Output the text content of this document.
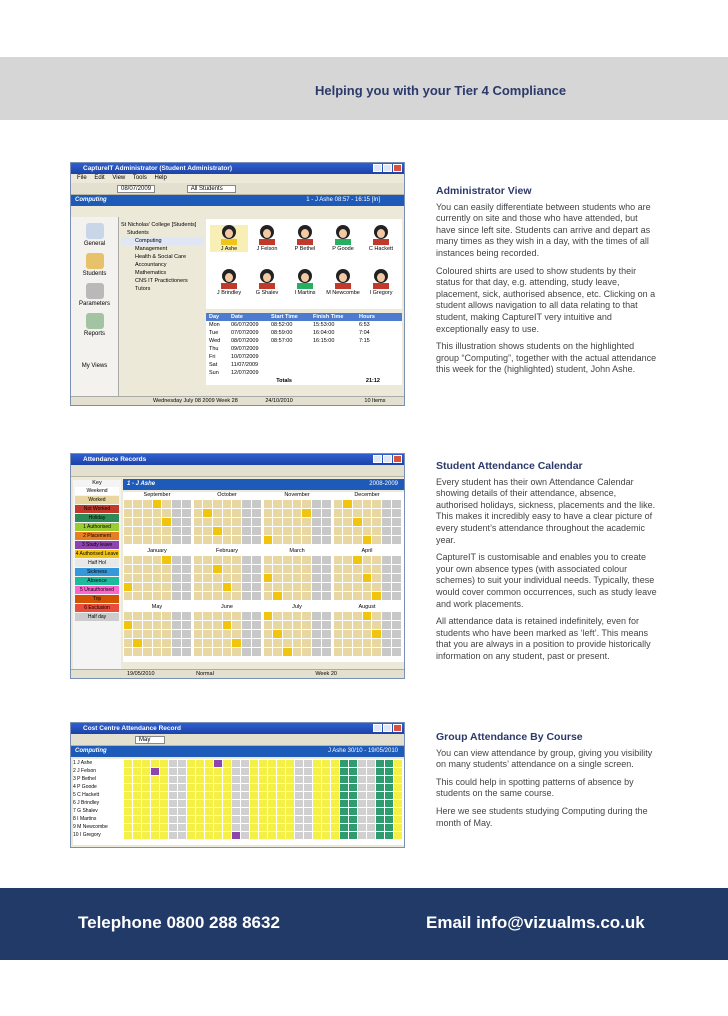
Helping you with your Tier 4 Compliance
CaptureIT Administrator (Student Administrator)
File Edit View Tools Help
08/07/2009	All Students
Computing	1 - J Ashe 08:57 - 16:15 [In]
General
Students
Parameters
Reports
My Views
St Nicholas' College [Students]
Students
Computing
Management
Health & Social Care
Accountancy
Mathematics
CNS IT Practictioners
Tutors
J Ashe	J Felson	P Bethel	P Goode	C Hackett
J Brindley	G Shalev	I Martins	M Newcombe	I Gregory
Day	Date	Start Time	Finish Time	Hours
Mon	06/07/2009	08:52:00	15:53:00	6:53
Tue	07/07/2009	08:59:00	16:04:00	7:04
Wed	08/07/2009	08:57:00	16:15:00	7:15
Thu	09/07/2009
Fri	10/07/2009
Sat	11/07/2009
Sun	12/07/2009
Totals	21:12
Wednesday July 08 2009 Week 28	24/10/2010	10 Items
Attendance Records
Key
Weekend
Worked
Not Worked
Holiday
1 Authorised
2 Placement
3 Study leave
4 Authorised Leave
Half Hol
Sickness
Absence
5 Unauthorised
Trip
6 Exclusion
Half day
1 - J Ashe	2008-2009
September	October	November	December
January	February	March	April
May	June	July	August
19/05/2010	Normal	Week 20
Cost Centre Attendance Record
May
Computing	J Ashe 30/10 - 19/05/2010
1 J Ashe
2 J Felson
3 P Bethel
4 P Goode
5 C Hackett
6 J Brindley
7 G Shalev
8 I Martins
9 M Newcombe
10 I Gregory
Administrator View

You can easily differentiate between students who are currently on site and those who have attended, but have since left site. Students can arrive and depart as many times as they wish in a day, with the times of all instances being recorded.

Coloured shirts are used to show students by their status for that day, e.g. attending, study leave, placement, sick, authorised absence, etc. Clicking on a student allows navigation to all data relating to that student, making CaptureIT very intuitive and exceptionally easy to use.

This illustration shows students on the highlighted group “Computing”, together with the actual attendance this week for the (highlighted) student, John Ashe.

Student Attendance Calendar

Every student has their own Attendance Calendar showing details of their attendance, absence, authorised holidays, sickness, placements and the like. This makes it incredibly easy to have a clear picture of every student’s attendance throughout the academic year.

CaptureIT is customisable and enables you to create your own absence types (with associated colour schemes) to suit your individual needs. Typically, these would cover common occurrences, such as study leave and work placements.

All attendance data is retained indefinitely, even for students who have been marked as ‘left’. This means that you are always in a position to provide historically information on any student, past or present.

Group Attendance By Course

You can view attendance by group, giving you visibility on many students’ attendance on a single screen.

This could help in spotting patterns of absence by students on the same course.

Here we see students studying Computing during the month of May.

Telephone 0800 288 8632	Email info@vizualms.co.uk
